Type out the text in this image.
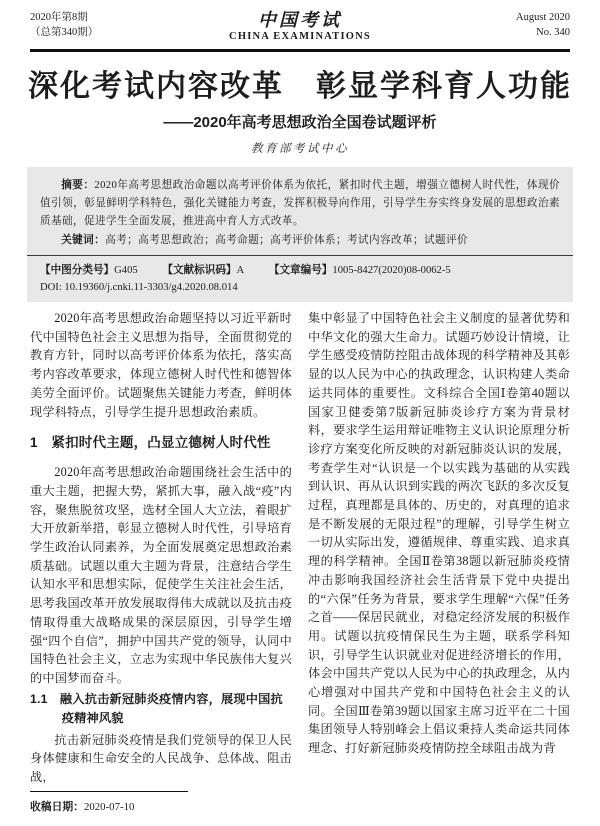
2020年第8期
（总第340期）
中国考试
CHINA EXAMINATIONS
August 2020
No. 340
深化考试内容改革　彰显学科育人功能
——2020年高考思想政治全国卷试题评析
教育部考试中心

摘要：2020年高考思想政治命题以高考评价体系为依托，紧扣时代主题，增强立德树人时代性，体现价值引领，彰显鲜明学科特色，强化关键能力考查，发挥积极导向作用，引导学生夯实终身发展的思想政治素质基础，促进学生全面发展，推进高中育人方式改革。

关键词：高考；高考思想政治；高考命题；高考评价体系；考试内容改革；试题评价

【中图分类号】G405 【文献标识码】A 【文章编号】1005-8427(2020)08-0062-5

DOI: 10.19360/j.cnki.11-3303/g4.2020.08.014

2020年高考思想政治命题坚持以习近平新时代中国特色社会主义思想为指导，全面贯彻党的教育方针，同时以高考评价体系为依托，落实高考内容改革要求，体现立德树人时代性和德智体美劳全面评价。试题聚焦关键能力考查，鲜明体现学科特点，引导学生提升思想政治素质。

1　紧扣时代主题，凸显立德树人时代性

2020年高考思想政治命题围绕社会生活中的重大主题，把握大势，紧抓大事，融入战“疫”内容，聚焦脱贫攻坚，选材全国人大立法，着眼扩大开放新举措，彰显立德树人时代性，引导培育学生政治认同素养，为全面发展奠定思想政治素质基础。试题以重大主题为背景，注意结合学生认知水平和思想实际，促使学生关注社会生活，思考我国改革开放发展取得伟大成就以及抗击疫情取得重大战略成果的深层原因，引导学生增强“四个自信”，拥护中国共产党的领导，认同中国特色社会主义，立志为实现中华民族伟大复兴的中国梦而奋斗。

1.1　融入抗击新冠肺炎疫情内容，展现中国抗疫精神风貌

抗击新冠肺炎疫情是我们党领导的保卫人民身体健康和生命安全的人民战争、总体战、阻击战，

集中彰显了中国特色社会主义制度的显著优势和中华文化的强大生命力。试题巧妙设计情境，让学生感受疫情防控阻击战体现的科学精神及其彰显的以人民为中心的执政理念，认识构建人类命运共同体的重要性。文科综合全国Ⅰ卷第40题以国家卫健委第7版新冠肺炎诊疗方案为背景材料，要求学生运用辩证唯物主义认识论原理分析诊疗方案变化所反映的对新冠肺炎认识的发展，考查学生对“认识是一个以实践为基础的从实践到认识、再从认识到实践的两次飞跃的多次反复过程，真理都是具体的、历史的，对真理的追求是不断发展的无限过程”的理解，引导学生树立一切从实际出发，遵循规律、尊重实践、追求真理的科学精神。全国Ⅱ卷第38题以新冠肺炎疫情冲击影响我国经济社会生活背景下党中央提出的“六保”任务为背景，要求学生理解“六保”任务之首——保居民就业，对稳定经济发展的积极作用。试题以抗疫情保民生为主题，联系学科知识，引导学生认识就业对促进经济增长的作用，体会中国共产党以人民为中心的执政理念，从内心增强对中国共产党和中国特色社会主义的认同。全国Ⅲ卷第39题以国家主席习近平在二十国集团领导人特别峰会上倡议秉持人类命运共同体理念、打好新冠肺炎疫情防控全球阻击战为背

收稿日期：2020-07-10
